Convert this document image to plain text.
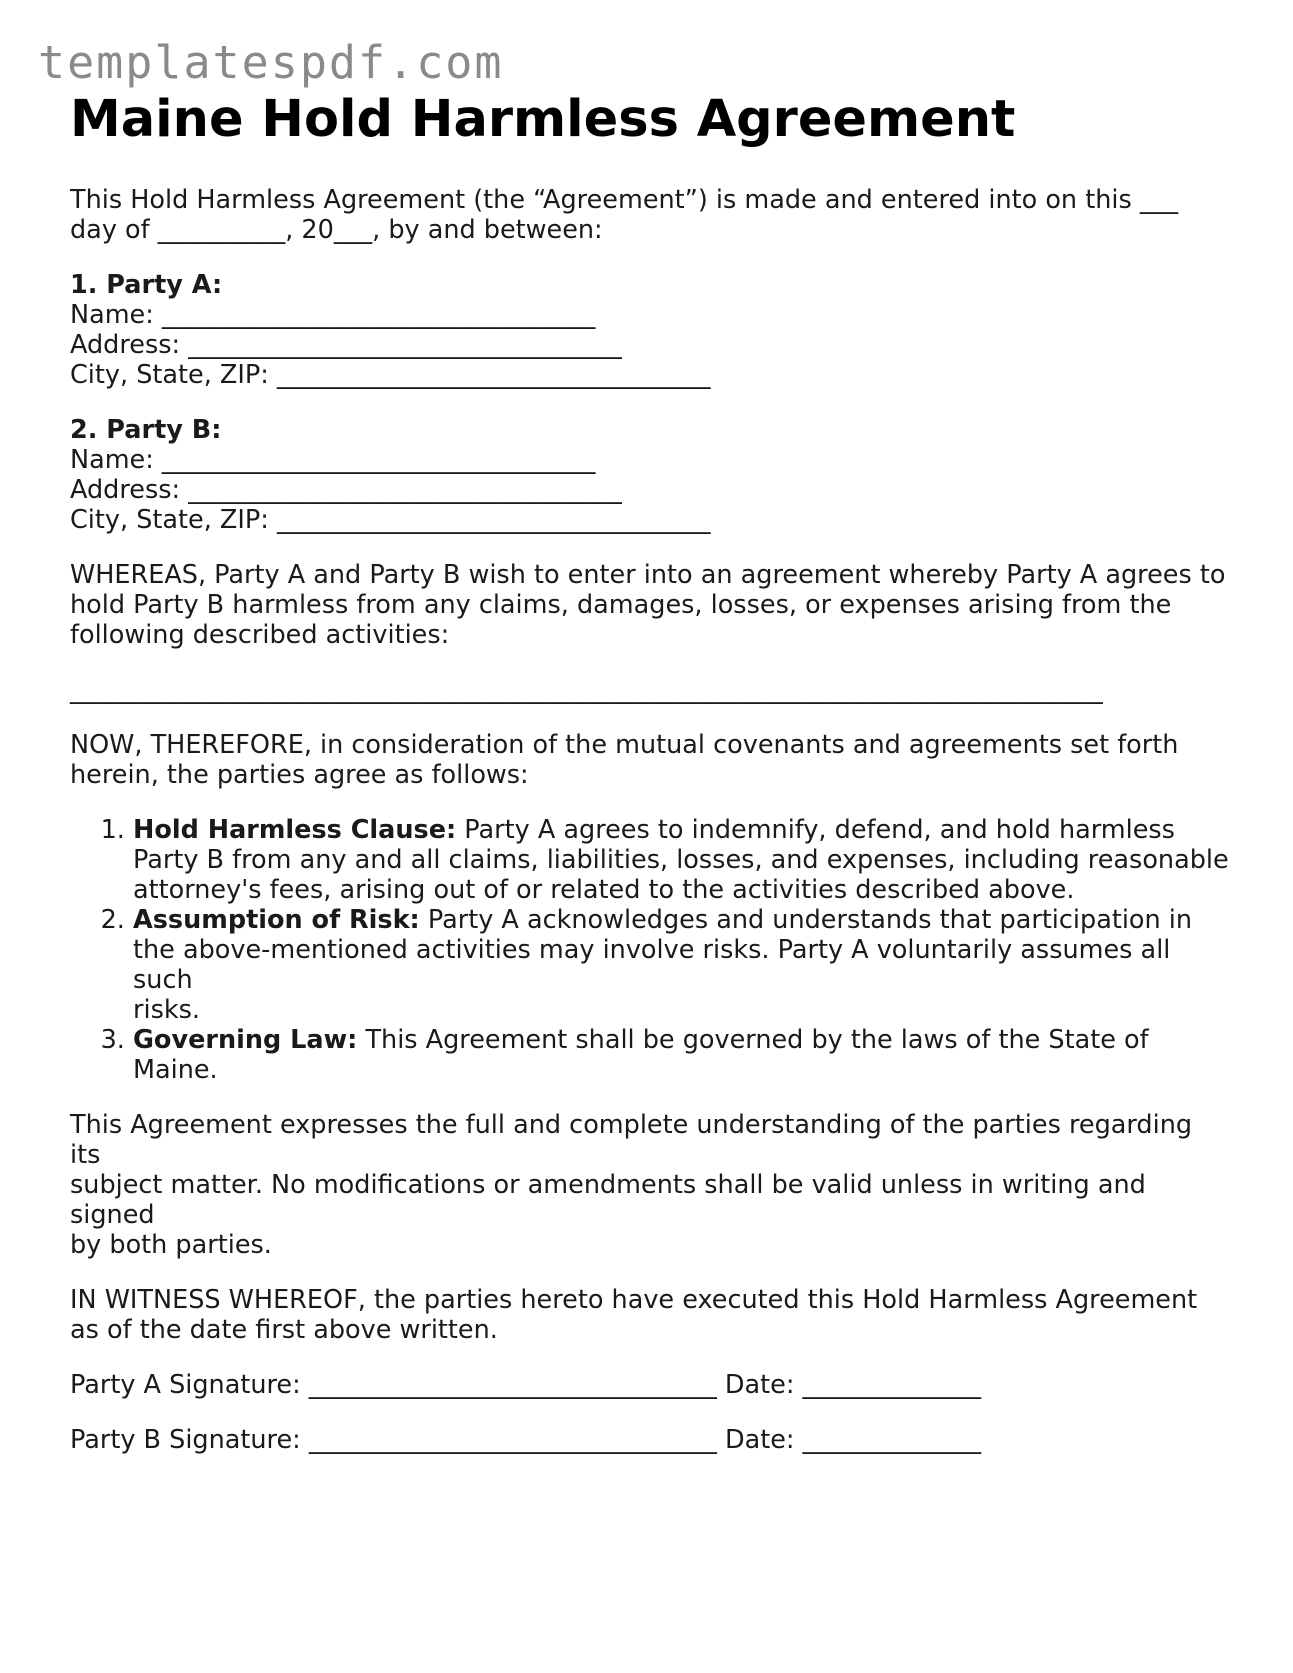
templatespdf.com
Maine Hold Harmless Agreement

This Hold Harmless Agreement (the “Agreement”) is made and entered into on this ___
day of __________, 20___, by and between:

1. Party A:
Name: __________________________________
Address: __________________________________
City, State, ZIP: __________________________________
2. Party B:
Name: __________________________________
Address: __________________________________
City, State, ZIP: __________________________________

WHEREAS, Party A and Party B wish to enter into an agreement whereby Party A agrees to
hold Party B harmless from any claims, damages, losses, or expenses arising from the
following described activities:

_________________________________________________________________________________

NOW, THEREFORE, in consideration of the mutual covenants and agreements set forth
herein, the parties agree as follows:

1. Hold Harmless Clause: Party A agrees to indemnify, defend, and hold harmless
Party B from any and all claims, liabilities, losses, and expenses, including reasonable
attorney's fees, arising out of or related to the activities described above.
2. Assumption of Risk: Party A acknowledges and understands that participation in
the above-mentioned activities may involve risks. Party A voluntarily assumes all such
risks.
3. Governing Law: This Agreement shall be governed by the laws of the State of
Maine.

This Agreement expresses the full and complete understanding of the parties regarding its
subject matter. No modifications or amendments shall be valid unless in writing and signed
by both parties.

IN WITNESS WHEREOF, the parties hereto have executed this Hold Harmless Agreement
as of the date first above written.

Party A Signature: ________________________________ Date: ______________

Party B Signature: ________________________________ Date: ______________
